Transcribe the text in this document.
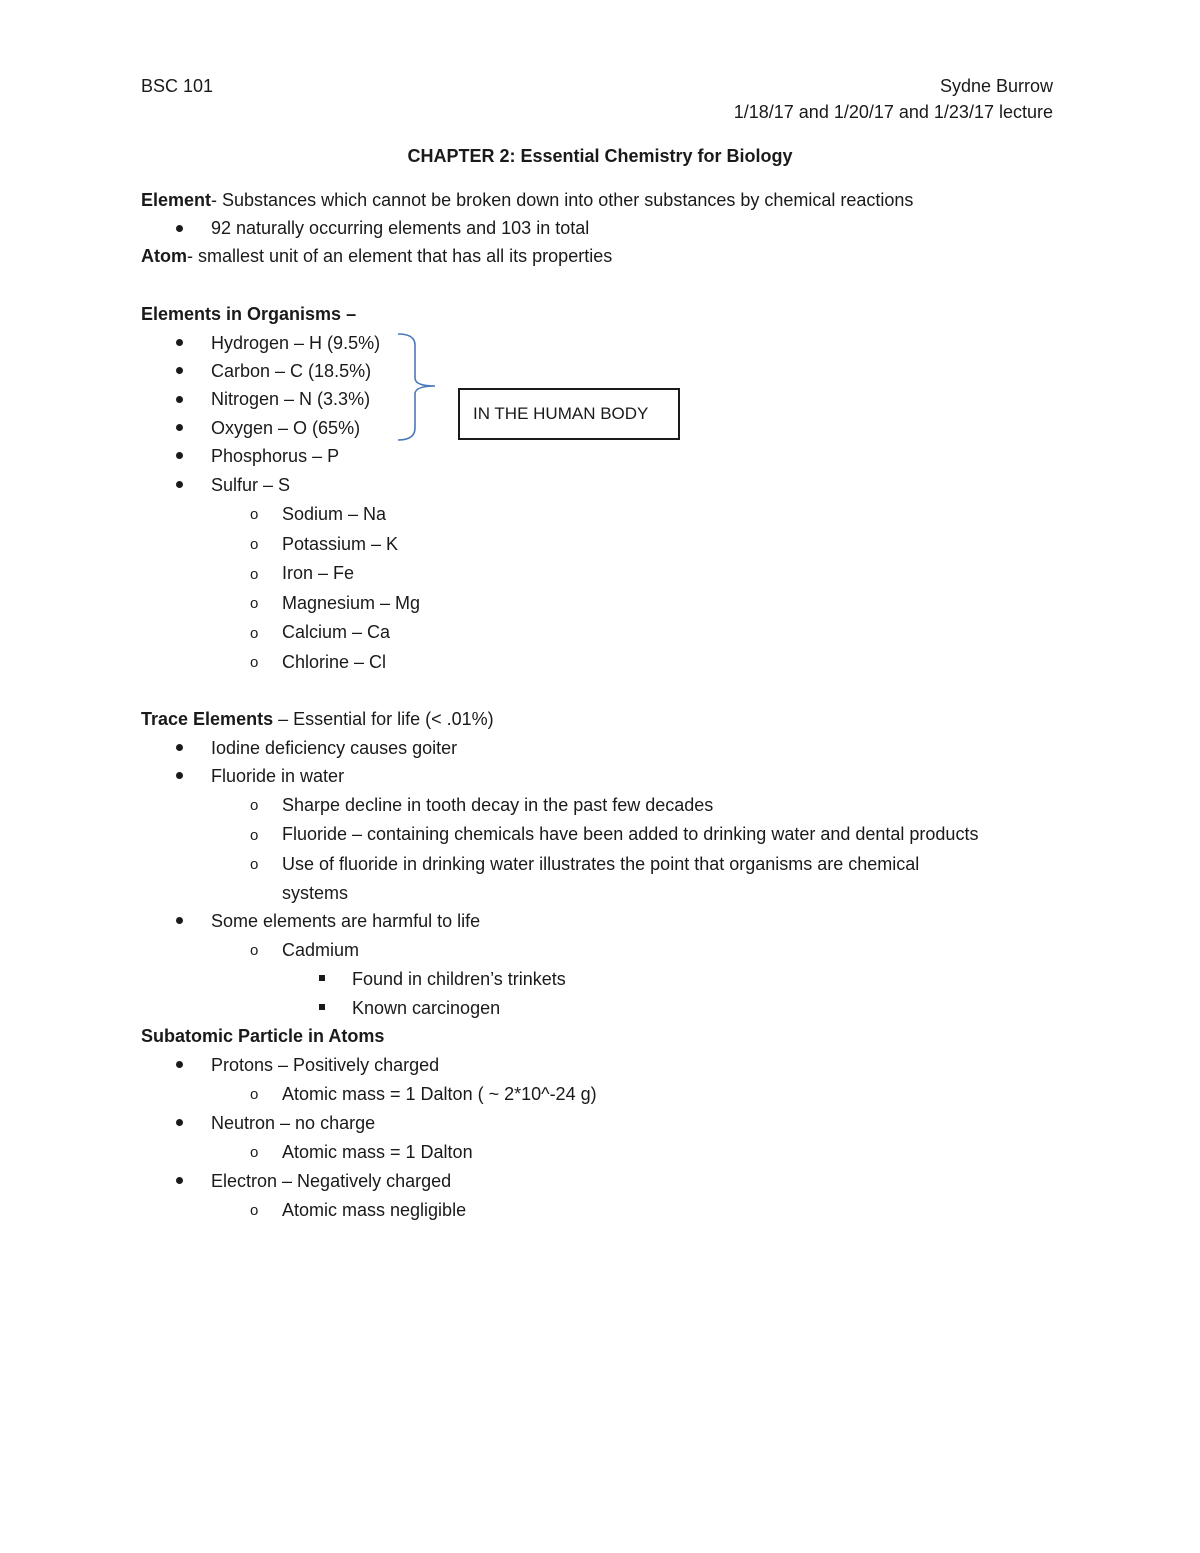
BSC 101	Sydne Burrow
1/18/17 and 1/20/17 and 1/23/17 lecture
CHAPTER 2: Essential Chemistry for Biology
Element- Substances which cannot be broken down into other substances by chemical reactions
92 naturally occurring elements and 103 in total
Atom- smallest unit of an element that has all its properties
Elements in Organisms –
Hydrogen – H (9.5%)
Carbon – C (18.5%)
Nitrogen – N (3.3%)
Oxygen – O (65%)
Phosphorus – P
Sulfur – S
o Sodium – Na
o Potassium – K
o Iron – Fe
o Magnesium – Mg
o Calcium – Ca
o Chlorine – Cl
IN THE HUMAN BODY
Trace Elements – Essential for life (< .01%)
Iodine deficiency causes goiter
Fluoride in water
o Sharpe decline in tooth decay in the past few decades
o Fluoride – containing chemicals have been added to drinking water and dental products
o Use of fluoride in drinking water illustrates the point that organisms are chemical
systems
Some elements are harmful to life
o Cadmium
Found in children’s trinkets
Known carcinogen
Subatomic Particle in Atoms
Protons – Positively charged
o Atomic mass = 1 Dalton ( ~ 2*10^-24 g)
Neutron – no charge
o Atomic mass = 1 Dalton
Electron – Negatively charged
o Atomic mass negligible
